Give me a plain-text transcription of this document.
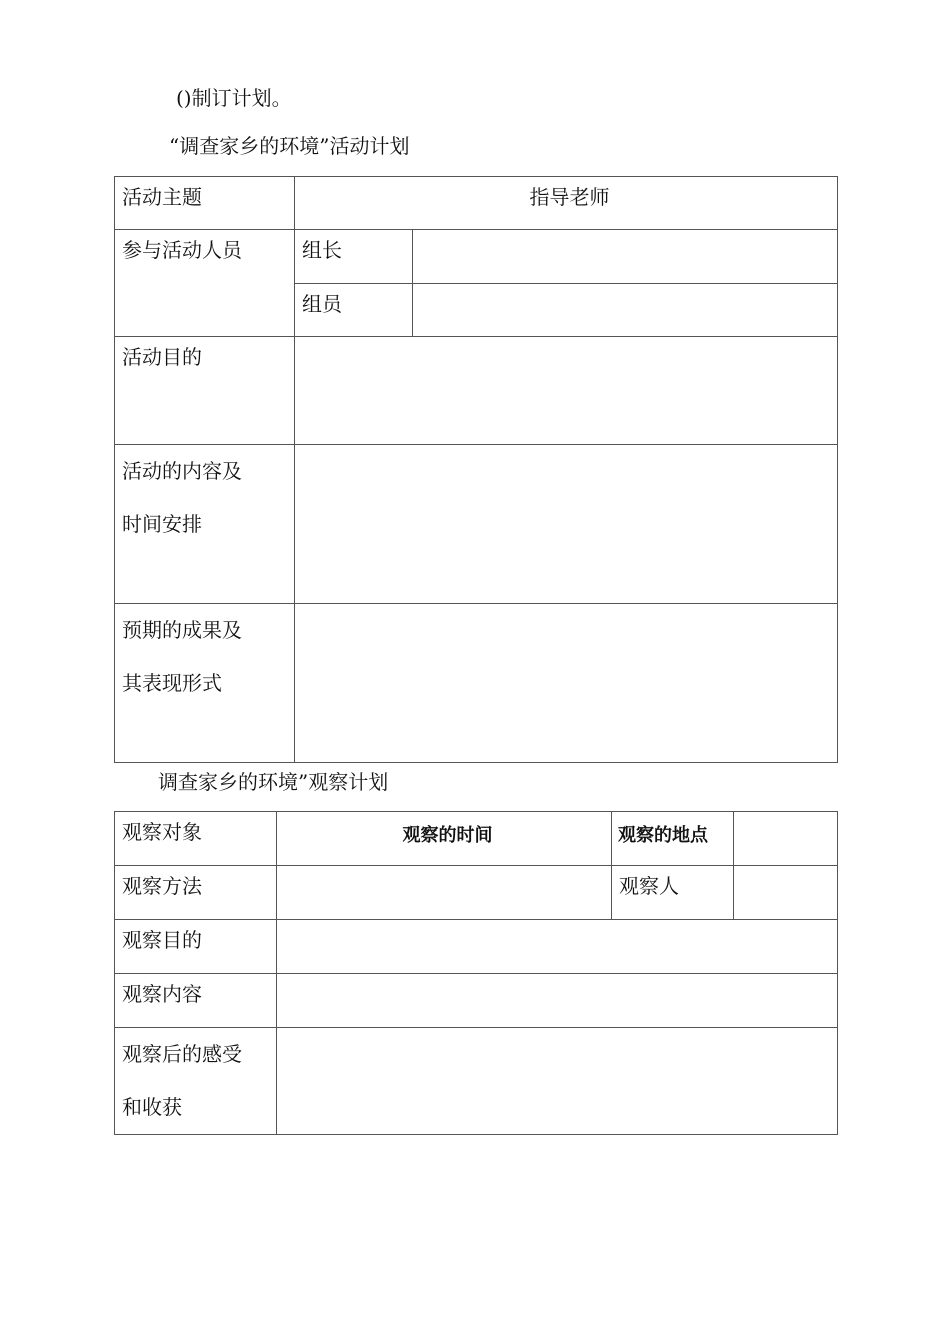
()制订计划。
“调查家乡的环境”活动计划
活动主题	指导老师	
参与活动人员	组长	
	组员	
活动目的		

活动的内容及
时间安排		

预期的成果及
其表现形式		

调查家乡的环境”观察计划
观察对象	观察的时间	观察的地点	
观察方法		观察人	
观察目的			
观察内容			

观察后的感受
和收获			
